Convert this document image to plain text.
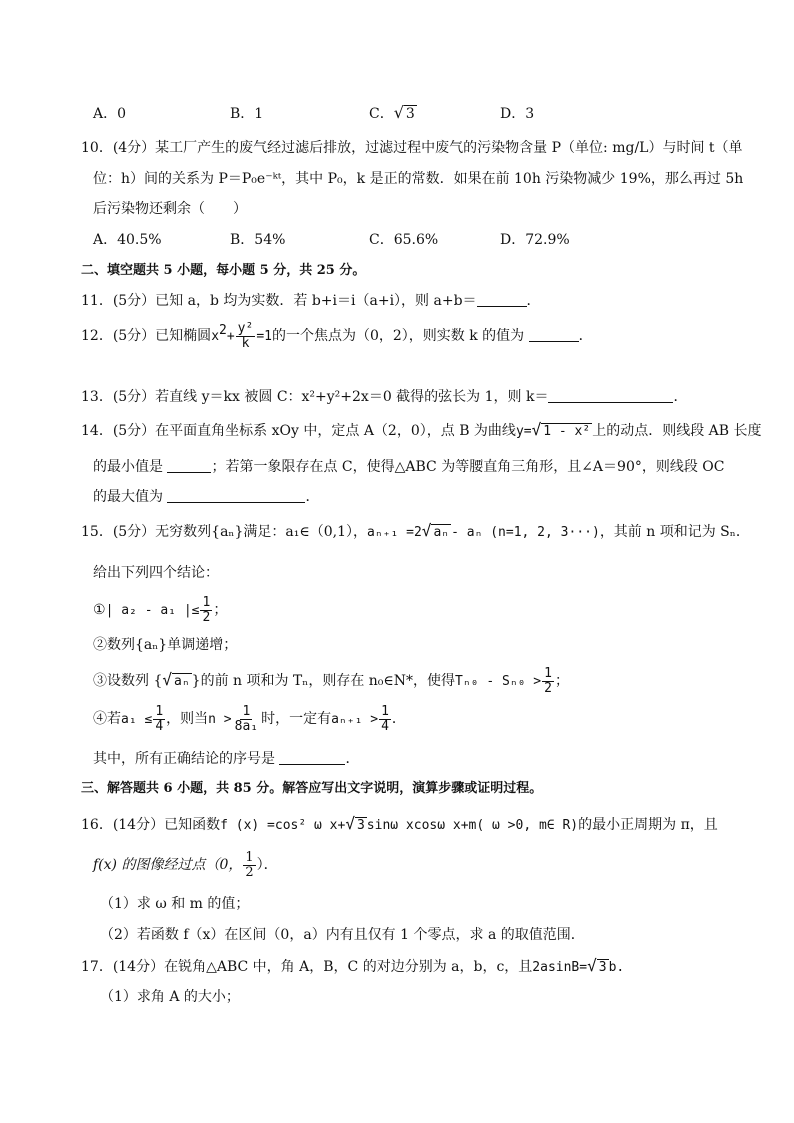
A．0	B．1	C．√ 3	D．3
10．(4分）某工厂产生的废气经过滤后排放，过滤过程中废气的污染物含量 P（单位: mg/L）与时间 t（单
位：h）间的关系为 P＝P₀e⁻ᵏᵗ，其中 P₀，k 是正的常数．如果在前 10h 污染物减少 19%，那么再过 5h
后污染物还剩余（　　）
A．40.5%	B．54%	C．65.6%	D．72.9%
二、填空题共 5 小题，每小题 5 分，共 25 分。
11．(5分）已知 a，b 均为实数．若 b+i＝i（a+i），则 a+b＝	．
12．(5分）已知椭圆$x2+ \frac{\text{y²}}{k} =1$的一个焦点为（0，2），则实数 k 的值为	．
13．(5分）若直线 y＝kx 被圆 C：x²+y²+2x＝0 截得的弦长为 1，则 k＝	．
14．(5分）在平面直角坐标系 xOy 中，定点 A（2，0），点 B 为曲线y=√ 1 - x² 上的动点．则线段 AB 长度
的最小值是	；若第一象限存在点 C，使得△ABC 为等腰直角三角形，且∠A＝90°，则线段 OC
的最大值为	．
15．(5分）无穷数列{aₙ}满足：a₁∈（0,1），aₙ₊₁ =2√ aₙ - aₙ (n=1, 2, 3···)，其前 n 项和记为 Sₙ．
给出下列四个结论：
①| a₂ - a₁ |≤ $\frac{1}{2}$ ；
②数列{aₙ}单调递增；
③设数列 {√ aₙ }的前 n 项和为 Tₙ，则存在 n₀∈N*，使得$T_{n0} - S_{n0} > \frac{1}{2}$ ；
④若$a_1 \le \frac{1}{4}$ ，则当$n > \frac{1}{\text{8a₁}}$ 时，一定有$a_{n+1} > \frac{1}{4}$ ．
其中，所有正确结论的序号是	．
三、解答题共 6 小题，共 85 分。解答应写出文字说明，演算步骤或证明过程。
16．(14分）已知函数f (x) =cos² ω x+√ 3 sinω xcosω x+m( ω >0, m∈ R)的最小正周期为 π，且
f(x) 的图像经过点（0， $\frac{1}{2}$ ）．
（1）求 ω 和 m 的值；
（2）若函数 f（x）在区间（0，a）内有且仅有 1 个零点，求 a 的取值范围．
17．(14分）在锐角△ABC 中，角 A，B，C 的对边分别为 a，b，c，且2asinB=√ 3 b.
（1）求角 A 的大小；
